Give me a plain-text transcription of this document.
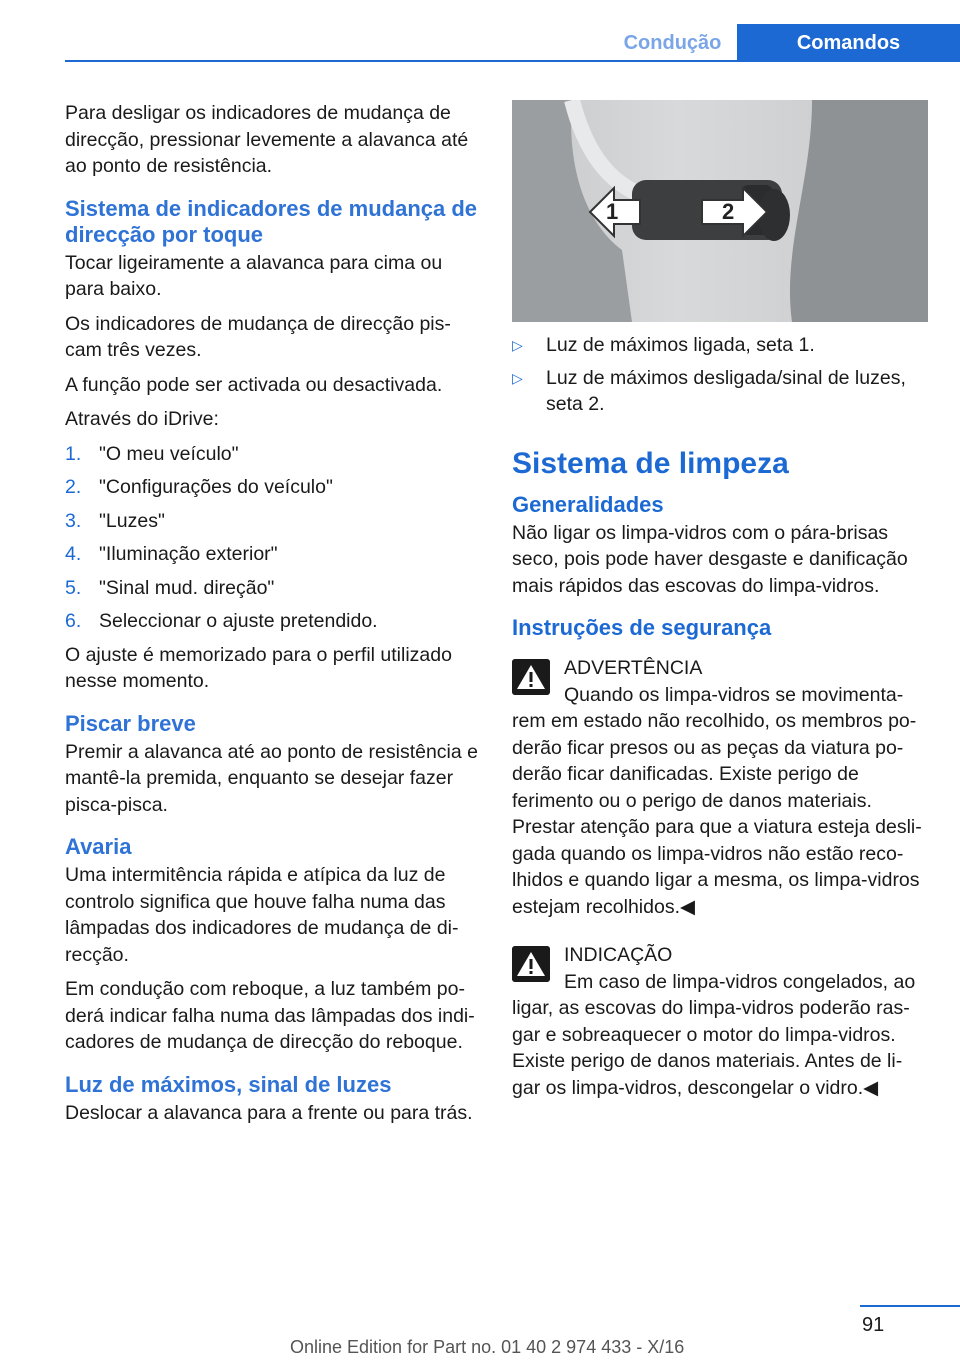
Condução	Comandos

Para desligar os indicadores de mudança de direcção, pressionar levemente a alavanca até ao ponto de resistência.

Sistema de indicadores de mudança de direcção por toque

Tocar ligeiramente a alavanca para cima ou para baixo.

Os indicadores de mudança de direcção pis-cam três vezes.

A função pode ser activada ou desactivada.

Através do iDrive:

1. "O meu veículo"
2. "Configurações do veículo"
3. "Luzes"
4. "Iluminação exterior"
5. "Sinal mud. direção"
6. Seleccionar o ajuste pretendido.

O ajuste é memorizado para o perfil utilizado nesse momento.

Piscar breve

Premir a alavanca até ao ponto de resistência e mantê-la premida, enquanto se desejar fazer pisca-pisca.

Avaria

Uma intermitência rápida e atípica da luz de controlo significa que houve falha numa das lâmpadas dos indicadores de mudança de di-recção.

Em condução com reboque, a luz também po-derá indicar falha numa das lâmpadas dos indi-cadores de mudança de direcção do reboque.

Luz de máximos, sinal de luzes

Deslocar a alavanca para a frente ou para trás.

1	2
▷	Luz de máximos ligada, seta 1.
▷	Luz de máximos desligada/sinal de luzes, seta 2.
Sistema de limpeza
Generalidades

Não ligar os limpa-vidros com o pára-brisas seco, pois pode haver desgaste e danificação mais rápidos das escovas do limpa-vidros.

Instruções de segurança
ADVERTÊNCIA
Quando os limpa-vidros se movimenta-
rem em estado não recolhido, os membros po-derão ficar presos ou as peças da viatura po-derão ficar danificadas. Existe perigo de ferimento ou o perigo de danos materiais. Prestar atenção para que a viatura esteja desli-gada quando os limpa-vidros não estão reco-lhidos e quando ligar a mesma, os limpa-vidros estejam recolhidos.◀
INDICAÇÃO
Em caso de limpa-vidros congelados, ao
ligar, as escovas do limpa-vidros poderão ras-gar e sobreaquecer o motor do limpa-vidros. Existe perigo de danos materiais. Antes de li-gar os limpa-vidros, descongelar o vidro.◀
91
Online Edition for Part no. 01 40 2 974 433 - X/16
